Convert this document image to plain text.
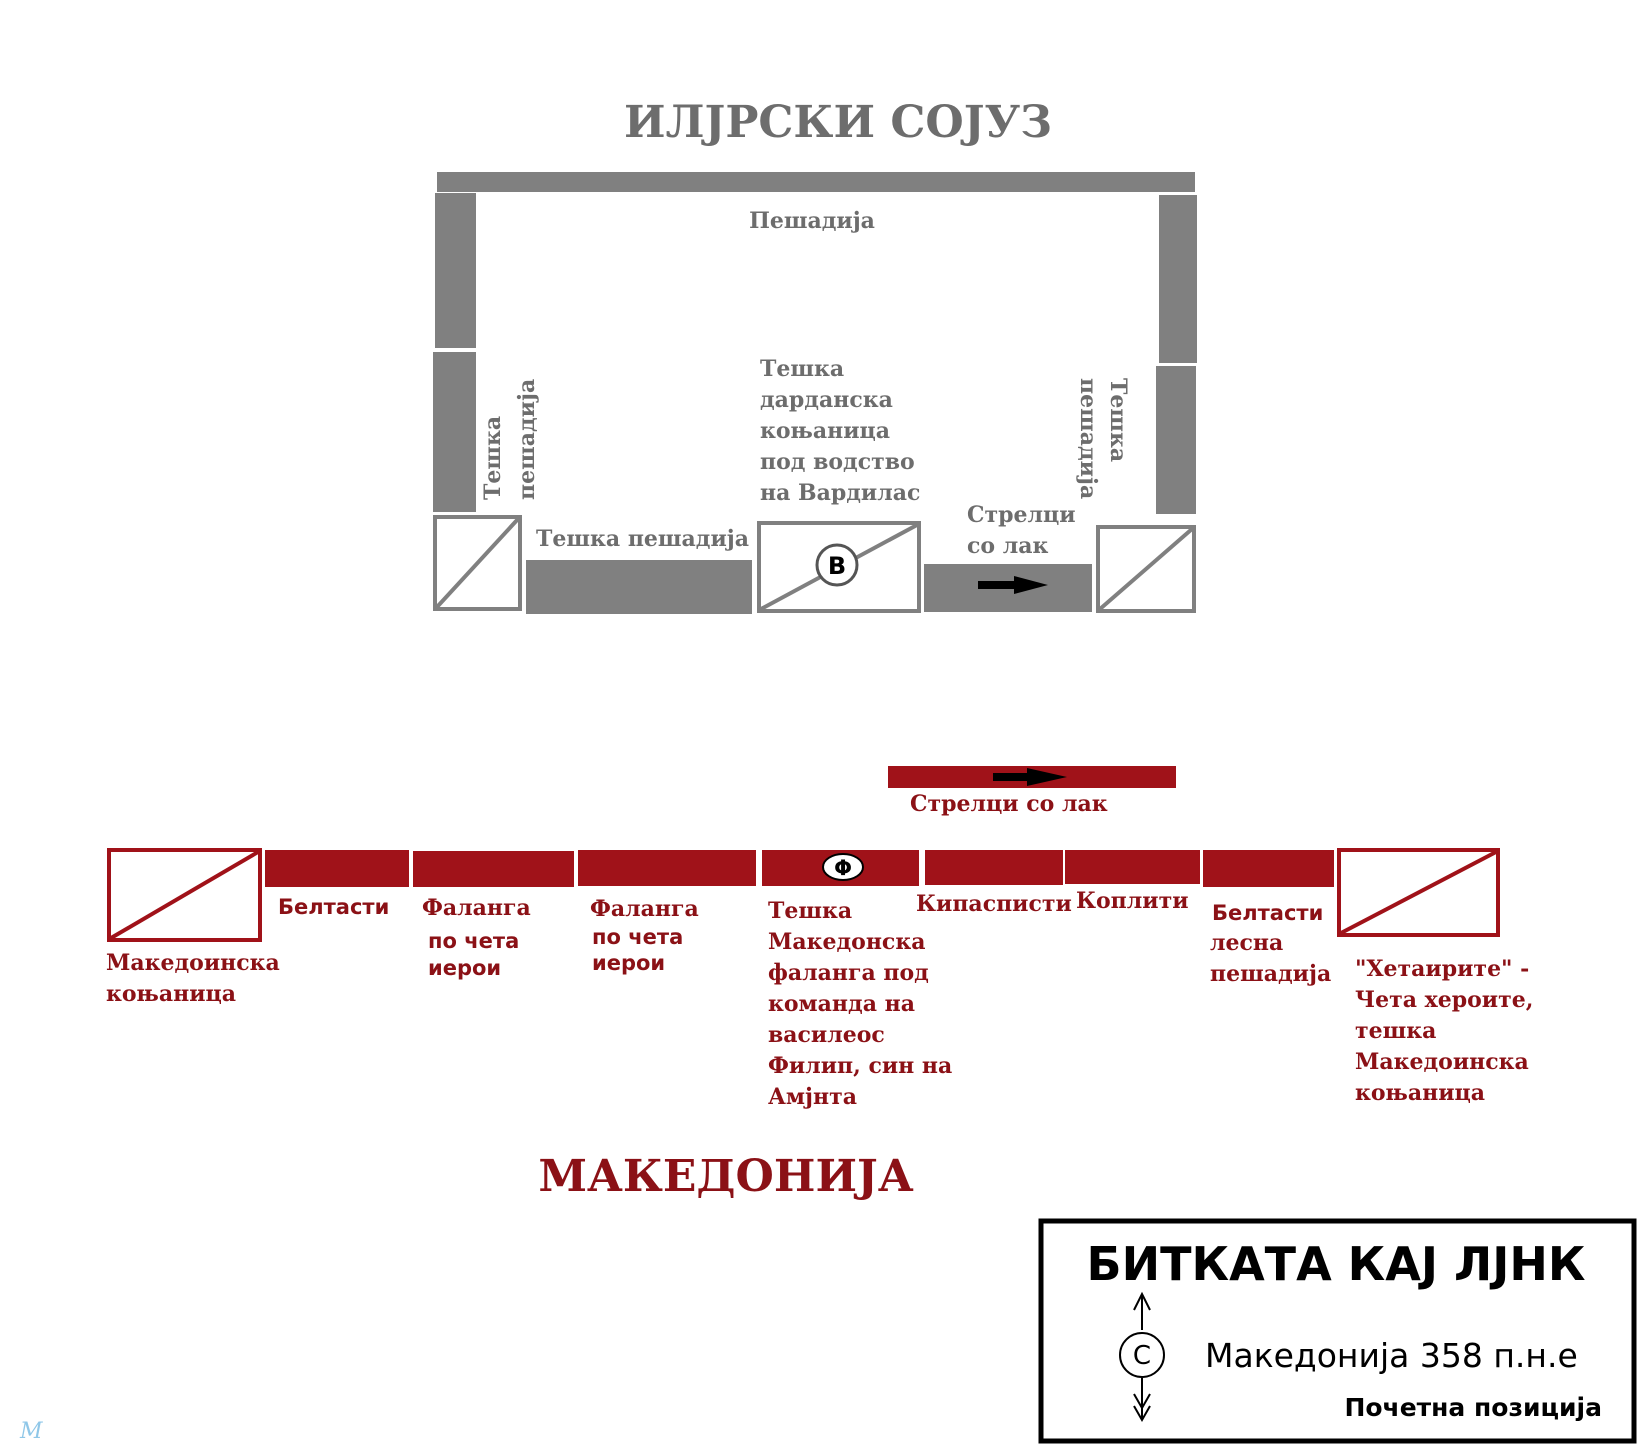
ИЛЈРСКИ СОЈУЗ
Пешадија
Тешка пешадија	Тешка
пешадија
Тешка пешадија
B
Тешка
дарданска
коњаница
под водство
на Вардилас
Стрелци
со лак
Стрелци со лак
Македоинска
коњаница
Белтасти Фаланга
по чета
иерои
Фаланга
по чета
иерои
Φ
Тешка
Македонска
фаланга под
команда на
василеос
Филип, син на
Амјнта
Кипасписти Коплити Белтасти
лесна
пешадија "Хетаирите" -
Чета хероите,
тешка
Македоинска
коњаница
МАКЕДОНИЈА
БИТКАТА КАЈ ЛЈНК
С Македонија 358 п.н.е
Почетна позиција
М
